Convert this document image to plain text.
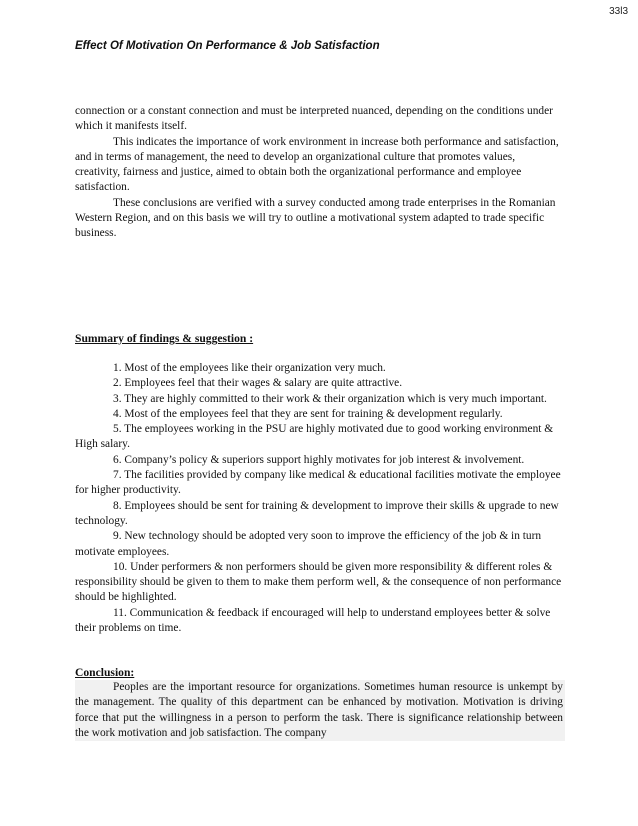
33l3
Effect Of Motivation On Performance & Job Satisfaction

connection or a constant connection and must be interpreted nuanced, depending on the conditions under which it manifests itself.

This indicates the importance of work environment in increase both performance and satisfaction, and in terms of management, the need to develop an organizational culture that promotes values, creativity, fairness and justice, aimed to obtain both the organizational performance and employee satisfaction.

These conclusions are verified with a survey conducted among trade enterprises in the Romanian Western Region, and on this basis we will try to outline a motivational system adapted to trade specific business.

Summary of findings & suggestion :

1. Most of the employees like their organization very much.

2. Employees feel that their wages & salary are quite attractive.

3. They are highly committed to their work & their organization which is very much important.

4. Most of the employees feel that they are sent for training & development regularly.

5. The employees working in the PSU are highly motivated due to good working environment & High salary.

6. Company’s policy & superiors support highly motivates for job interest & involvement.

7. The facilities provided by company like medical & educational facilities motivate the employee for higher productivity.

8. Employees should be sent for training & development to improve their skills & upgrade to new technology.

9. New technology should be adopted very soon to improve the efficiency of the job & in turn motivate employees.

10. Under performers & non performers should be given more responsibility & different roles & responsibility should be given to them to make them perform well, & the consequence of non performance should be highlighted.

11. Communication & feedback if encouraged will help to understand employees better & solve their problems on time.

Conclusion:

Peoples are the important resource for organizations. Sometimes human resource is unkempt by the management. The quality of this department can be enhanced by motivation. Motivation is driving force that put the willingness in a person to perform the task. There is significance relationship between the work motivation and job satisfaction. The company
